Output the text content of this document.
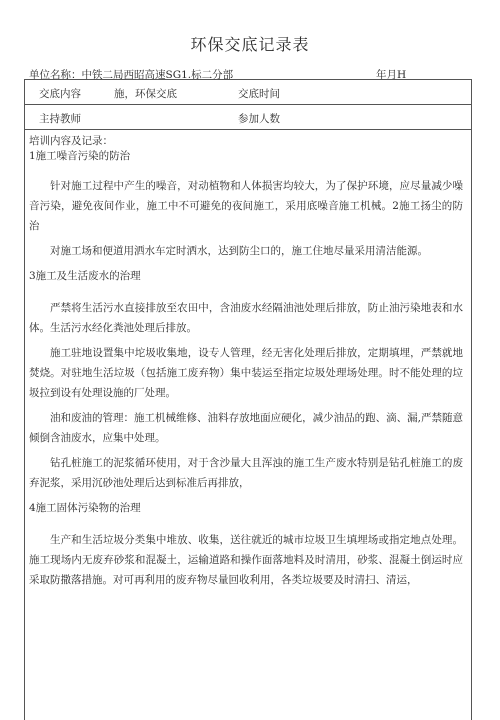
环保交底记录表
单位名称：中铁二局西昭高速SG1.标二分部	年月H
交底内容	施，环保交底	交底时间
主持教师	参加人数

培训内容及记录：

1施工噪音污染的防治

针对施工过程中产生的噪音，对动植物和人体损害均较大，为了保护环境，应尽量减少噪音污染，避免夜间作业，施工中不可避免的夜间施工，采用底噪音施工机械。2施工扬尘的防治

对施工场和便道用洒水车定时洒水，达到防尘口的，施工住地尽量采用清洁能源。

3施工及生活废水的治理

严禁将生活污水直接排放至农田中，含油废水经隔油池处理后排放，防止油污染地表和水体。生活污水经化粪池处理后排放。

施工驻地设置集中坨圾收集地，设专人管理，经无害化处理后排放，定期填埋，严禁就地焚烧。对驻地生活垃圾（包括施工废弃物）集中装运至指定垃圾处理场处理。时不能处理的垃圾拉到设有处理设施的厂处理。

油和废油的管理：施工机械维修、油料存放地面应硬化，减少油品的跑、滴、漏,严禁随意倾倒含油废水，应集中处理。

钻孔桩施工的泥浆循环使用，对于含沙量大且浑浊的施工生产废水特别是钻孔桩施工的废弃泥浆，采用沉砂池处理后达到标准后再排放，

4施工固体污染物的治理

生产和生活垃圾分类集中堆放、收集，送往就近的城市垃圾卫生填埋场或指定地点处理。施工现场内无废弃砂浆和混凝土，运输道路和操作面落地料及时清用，砂浆、混凝土倒运时应采取防撒落措施。对可再利用的废弃物尽量回收利用，各类垃圾要及时清扫、清运，
